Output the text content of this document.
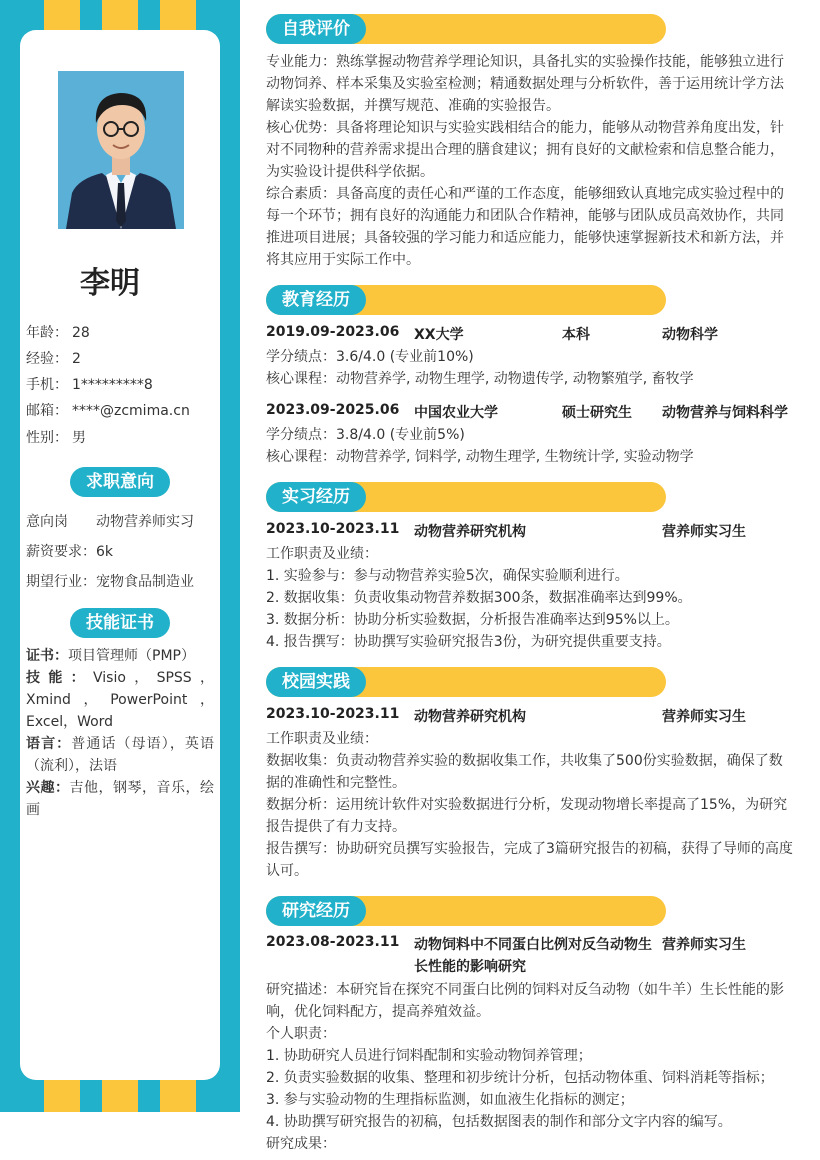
李明
年龄： 28
经验： 2
手机： 1*********8
邮箱： ****@zcmima.cn
性别： 男
求职意向
意向岗 动物营养师实习
薪资要求：6k
期望行业：宠物食品制造业
技能证书
证书：项目管理师（PMP）
技能：Visio，SPSS，Xmind，PowerPoint，Excel，Word
语言：普通话（母语），英语（流利），法语
兴趣：吉他，钢琴，音乐，绘画
自我评价
专业能力：熟练掌握动物营养学理论知识，具备扎实的实验操作技能，能够独立进行动物饲养、样本采集及实验室检测；精通数据处理与分析软件，善于运用统计学方法解读实验数据，并撰写规范、准确的实验报告。
核心优势：具备将理论知识与实验实践相结合的能力，能够从动物营养角度出发，针对不同物种的营养需求提出合理的膳食建议；拥有良好的文献检索和信息整合能力，为实验设计提供科学依据。
综合素质：具备高度的责任心和严谨的工作态度，能够细致认真地完成实验过程中的每一个环节；拥有良好的沟通能力和团队合作精神，能够与团队成员高效协作，共同推进项目进展；具备较强的学习能力和适应能力，能够快速掌握新技术和新方法，并将其应用于实际工作中。
教育经历
2019.09-2023.06 XX大学	本科	动物科学
学分绩点：3.6/4.0 (专业前10%)
核心课程：动物营养学, 动物生理学, 动物遗传学, 动物繁殖学, 畜牧学
2023.09-2025.06 中国农业大学	硕士研究生 动物营养与饲料科学
学分绩点：3.8/4.0 (专业前5%)
核心课程：动物营养学, 饲料学, 动物生理学, 生物统计学, 实验动物学
实习经历
2023.10-2023.11 动物营养研究机构	营养师实习生
工作职责及业绩：
1. 实验参与：参与动物营养实验5次，确保实验顺利进行。
2. 数据收集：负责收集动物营养数据300条，数据准确率达到99%。
3. 数据分析：协助分析实验数据，分析报告准确率达到95%以上。
4. 报告撰写：协助撰写实验研究报告3份，为研究提供重要支持。
校园实践
2023.10-2023.11 动物营养研究机构	营养师实习生
工作职责及业绩：
数据收集：负责动物营养实验的数据收集工作，共收集了500份实验数据，确保了数据的准确性和完整性。
数据分析：运用统计软件对实验数据进行分析，发现动物增长率提高了15%，为研究报告提供了有力支持。
报告撰写：协助研究员撰写实验报告，完成了3篇研究报告的初稿，获得了导师的高度认可。
研究经历
2023.08-2023.11 动物饲料中不同蛋白比例对反刍动物生长性能的影响研究
营养师实习生
研究描述：本研究旨在探究不同蛋白比例的饲料对反刍动物（如牛羊）生长性能的影响，优化饲料配方，提高养殖效益。
个人职责：
1. 协助研究人员进行饲料配制和实验动物饲养管理；
2. 负责实验数据的收集、整理和初步统计分析，包括动物体重、饲料消耗等指标；
3. 参与实验动物的生理指标监测，如血液生化指标的测定；
4. 协助撰写研究报告的初稿，包括数据图表的制作和部分文字内容的编写。
研究成果：
